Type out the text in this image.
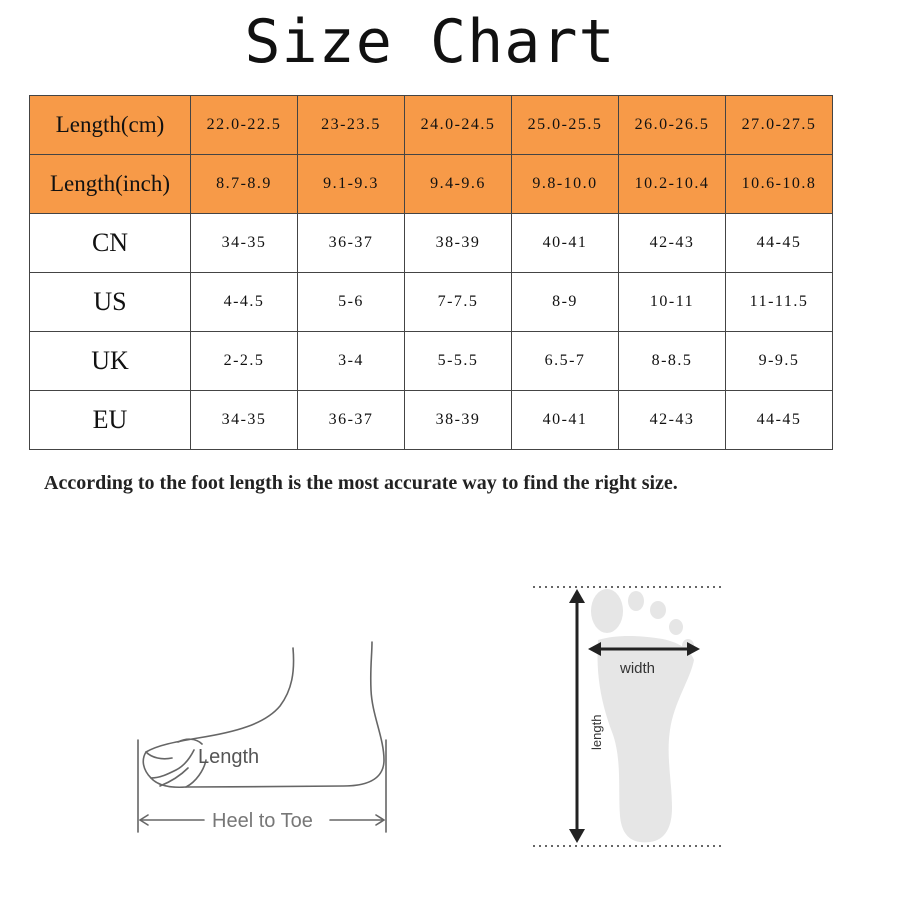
Size Chart
Length(cm)	22.0-22.5	23-23.5	24.0-24.5	25.0-25.5	26.0-26.5	27.0-27.5
Length(inch)	8.7-8.9	9.1-9.3	9.4-9.6	9.8-10.0	10.2-10.4	10.6-10.8
CN	34-35	36-37	38-39	40-41	42-43	44-45
US	4-4.5	5-6	7-7.5	8-9	10-11	11-11.5
UK	2-2.5	3-4	5-5.5	6.5-7	8-8.5	9-9.5
EU	34-35	36-37	38-39	40-41	42-43	44-45
According to the foot length is the most accurate way to find the right size.
Length
Heel to Toe
width
length
